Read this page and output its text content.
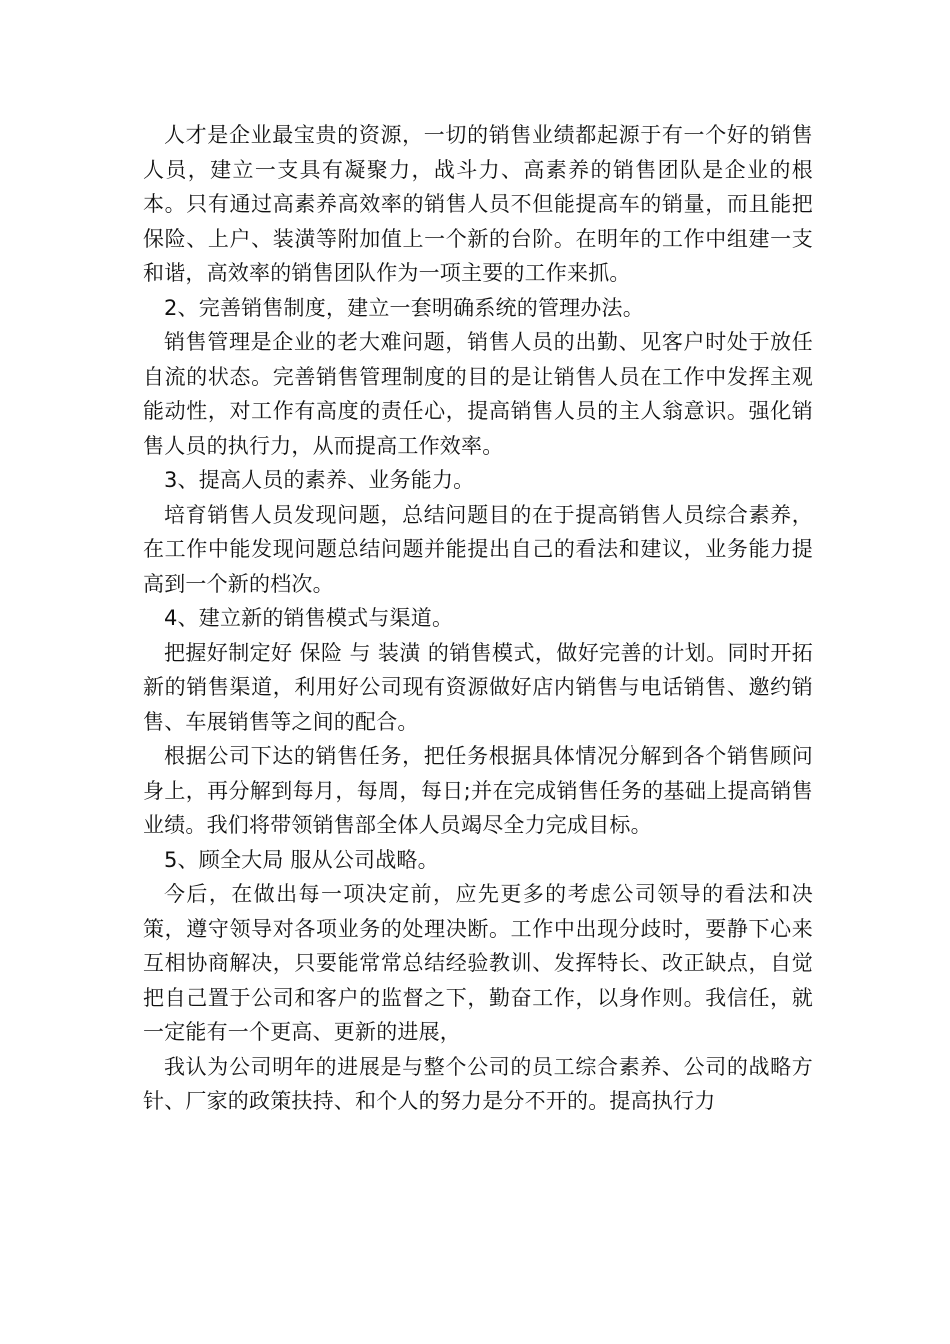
人才是企业最宝贵的资源，一切的销售业绩都起源于有一个好的销售人员，建立一支具有凝聚力，战斗力、高素养的销售团队是企业的根本。只有通过高素养高效率的销售人员不但能提高车的销量，而且能把保险、上户、装潢等附加值上一个新的台阶。在明年的工作中组建一支和谐，高效率的销售团队作为一项主要的工作来抓。

2、完善销售制度，建立一套明确系统的管理办法。

销售管理是企业的老大难问题，销售人员的出勤、见客户时处于放任自流的状态。完善销售管理制度的目的是让销售人员在工作中发挥主观能动性，对工作有高度的责任心，提高销售人员的主人翁意识。强化销售人员的执行力，从而提高工作效率。

3、提高人员的素养、业务能力。

培育销售人员发现问题，总结问题目的在于提高销售人员综合素养，在工作中能发现问题总结问题并能提出自己的看法和建议，业务能力提高到一个新的档次。

4、建立新的销售模式与渠道。

把握好制定好 保险 与 装潢 的销售模式，做好完善的计划。同时开拓新的销售渠道，利用好公司现有资源做好店内销售与电话销售、邀约销售、车展销售等之间的配合。

根据公司下达的销售任务，把任务根据具体情况分解到各个销售顾问身上，再分解到每月，每周，每日;并在完成销售任务的基础上提高销售业绩。我们将带领销售部全体人员竭尽全力完成目标。

5、顾全大局 服从公司战略。

今后，在做出每一项决定前，应先更多的考虑公司领导的看法和决策，遵守领导对各项业务的处理决断。工作中出现分歧时，要静下心来互相协商解决，只要能常常总结经验教训、发挥特长、改正缺点，自觉把自己置于公司和客户的监督之下，勤奋工作，以身作则。我信任，就一定能有一个更高、更新的进展，

我认为公司明年的进展是与整个公司的员工综合素养、公司的战略方针、厂家的政策扶持、和个人的努力是分不开的。提高执行力
